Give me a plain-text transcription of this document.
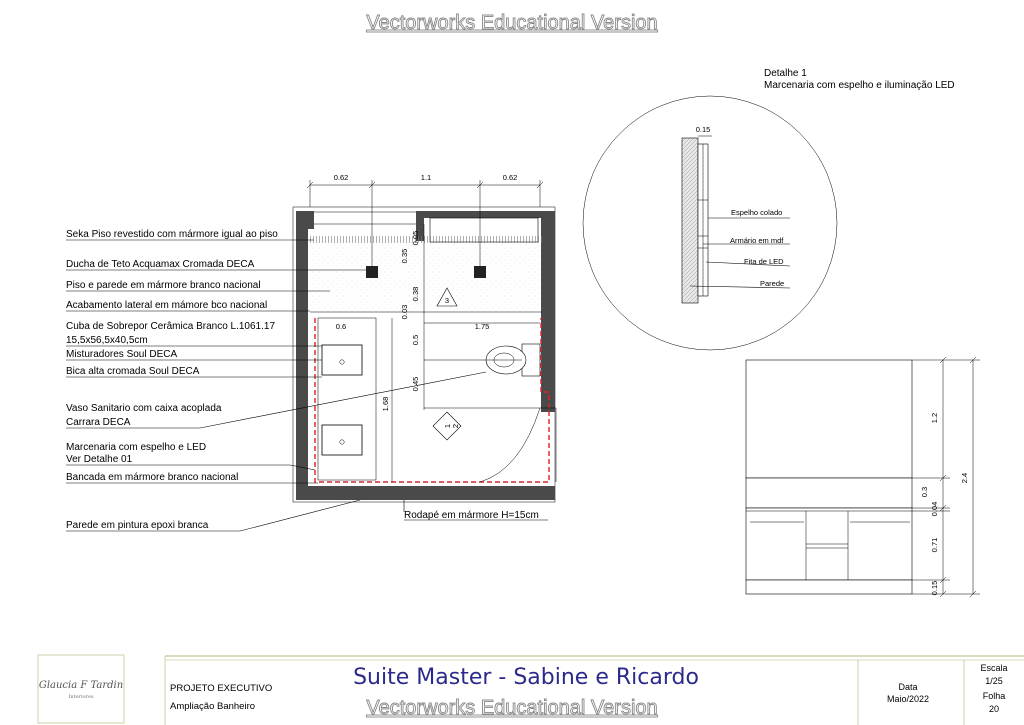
Vectorworks Educational Version
Vectorworks Educational Version
3
1 2
0.62	1.1	0.62
0.35
0.05
0.38
0.03
0.6	1.75
0.5
0.45
1.68
Rodapé em mármore H=15cm
Seka Piso revestido com mármore igual ao piso
Ducha de Teto Acquamax Cromada DECA
Piso e parede em mármore branco nacional
Acabamento lateral em mámore bco nacional
Cuba de Sobrepor Cerâmica Branco L.1061.17
15,5x56,5x40,5cm
Misturadores Soul DECA
Bica alta cromada Soul DECA
Vaso Sanitario com caixa acoplada
Carrara DECA
Marcenaria com espelho e LED
Ver Detalhe 01
Bancada em mármore branco nacional
Parede em pintura epoxi branca
Detalhe 1
Marcenaria com espelho e iluminação LED
0.15
Espelho colado
Armário em mdf
Fita de LED
Parede
1.2
2.4
0.3
0.04
0.71
0.15
Glaucia F Tardin
Interiores
PROJETO EXECUTIVO
Ampliação Banheiro
Suite Master - Sabine e Ricardo	Data
Maio/2022
Escala
1/25
Folha
20
